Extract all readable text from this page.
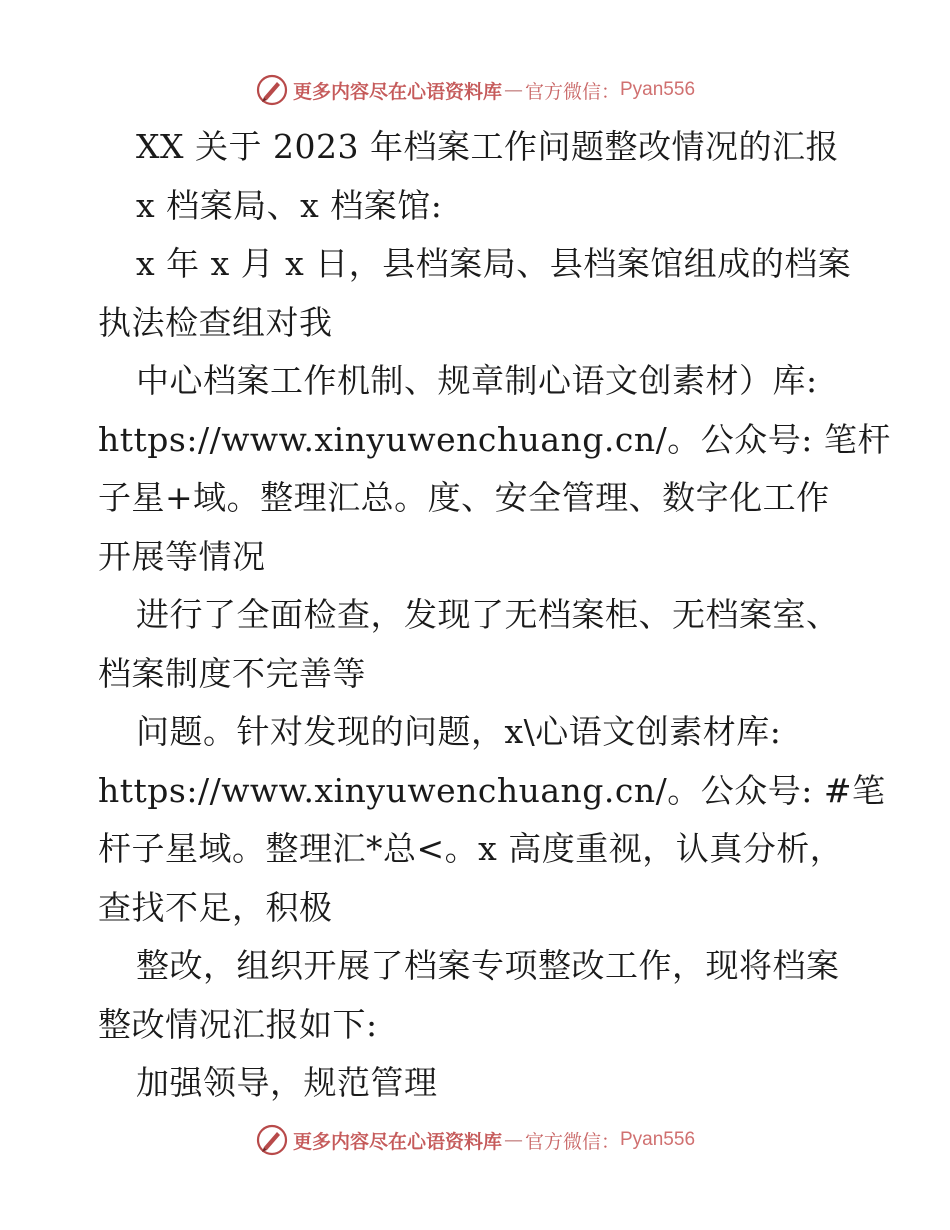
更多内容尽在心语资料库 — 官方微信： Pyan556
XX 关于 2023 年档案工作问题整改情况的汇报
x 档案局、x 档案馆:
x 年 x 月 x 日，县档案局、县档案馆组成的档案
执法检查组对我
中心档案工作机制、规章制心语文创素材）库:
https://www.xinyuwenchuang.cn/。公众号: 笔杆
子星+域。整理汇总。度、安全管理、数字化工作
开展等情况
进行了全面检查，发现了无档案柜、无档案室、
档案制度不完善等
问题。针对发现的问题，x\心语文创素材库:
https://www.xinyuwenchuang.cn/。公众号: #笔
杆子星域。整理汇*总<。x 高度重视，认真分析，
查找不足，积极
整改，组织开展了档案专项整改工作，现将档案
整改情况汇报如下:
加强领导，规范管理
更多内容尽在心语资料库 — 官方微信： Pyan556
